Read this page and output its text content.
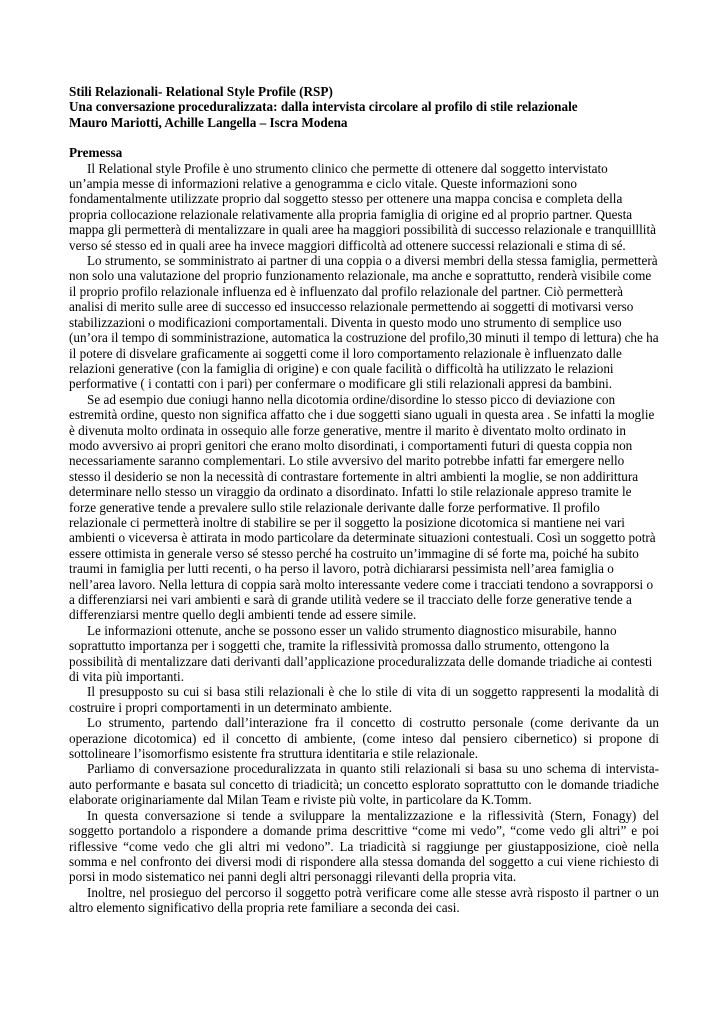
Stili Relazionali- Relational Style Profile (RSP)
Una conversazione proceduralizzata: dalla intervista circolare al profilo di stile relazionale
Mauro Mariotti, Achille Langella – Iscra Modena
Premessa

Il Relational style Profile è uno strumento clinico che permette di ottenere dal soggetto intervistato un’ampia messe di informazioni relative a genogramma e ciclo vitale. Queste informazioni sono fondamentalmente utilizzate proprio dal soggetto stesso per ottenere una mappa concisa e completa della propria collocazione relazionale relativamente alla propria famiglia di origine ed al proprio partner. Questa mappa gli permetterà di mentalizzare in quali aree ha maggiori possibilità di successo relazionale e tranquilllità verso sé stesso ed in quali aree ha invece maggiori difficoltà ad ottenere successi relazionali e stima di sé.

Lo strumento, se somministrato ai partner di una coppia o a diversi membri della stessa famiglia, permetterà non solo una valutazione del proprio funzionamento relazionale, ma anche e soprattutto, renderà visibile come il proprio profilo relazionale influenza ed è influenzato dal profilo relazionale del partner. Ciò permetterà analisi di merito sulle aree di successo ed insuccesso relazionale permettendo ai soggetti di motivarsi verso stabilizzazioni o modificazioni comportamentali. Diventa in questo modo uno strumento di semplice uso (un’ora il tempo di somministrazione, automatica la costruzione del profilo,30 minuti il tempo di lettura) che ha il potere di disvelare graficamente ai soggetti come il loro comportamento relazionale è influenzato dalle relazioni generative (con la famiglia di origine) e con quale facilità o difficoltà ha utilizzato le relazioni performative ( i contatti con i pari) per confermare o modificare gli stili relazionali appresi da bambini.

Se ad esempio due coniugi hanno nella dicotomia ordine/disordine lo stesso picco di deviazione con estremità ordine, questo non significa affatto che i due soggetti siano uguali in questa area . Se infatti la moglie è divenuta molto ordinata in ossequio alle forze generative, mentre il marito è diventato molto ordinato in modo avversivo ai propri genitori che erano molto disordinati, i comportamenti futuri di questa coppia non necessariamente saranno complementari. Lo stile avversivo del marito potrebbe infatti far emergere nello stesso il desiderio se non la necessità di contrastare fortemente in altri ambienti la moglie, se non addirittura determinare nello stesso un viraggio da ordinato a disordinato. Infatti lo stile relazionale appreso tramite le forze generative tende a prevalere sullo stile relazionale derivante dalle forze performative. Il profilo relazionale ci permetterà inoltre di stabilire se per il soggetto la posizione dicotomica si mantiene nei vari ambienti o viceversa è attirata in modo particolare da determinate situazioni contestuali. Così un soggetto potrà essere ottimista in generale verso sé stesso perché ha costruito un’immagine di sé forte ma, poiché ha subito traumi in famiglia per lutti recenti, o ha perso il lavoro, potrà dichiararsi pessimista nell’area famiglia o nell’area lavoro. Nella lettura di coppia sarà molto interessante vedere come i tracciati tendono a sovrapporsi o a differenziarsi nei vari ambienti e sarà di grande utilità vedere se il tracciato delle forze generative tende a differenziarsi mentre quello degli ambienti tende ad essere simile.

Le informazioni ottenute, anche se possono esser un valido strumento diagnostico misurabile, hanno soprattutto importanza per i soggetti che, tramite la riflessività promossa dallo strumento, ottengono la possibilità di mentalizzare dati derivanti dall’applicazione proceduralizzata delle domande triadiche ai contesti di vita più importanti.

Il presupposto su cui si basa stili relazionali è che lo stile di vita di un soggetto rappresenti la modalità di costruire i propri comportamenti in un determinato ambiente.

Lo strumento, partendo dall’interazione fra il concetto di costrutto personale (come derivante da un operazione dicotomica) ed il concetto di ambiente, (come inteso dal pensiero cibernetico) si propone di sottolineare l’isomorfismo esistente fra struttura identitaria e stile relazionale.

Parliamo di conversazione proceduralizzata in quanto stili relazionali si basa su uno schema di intervista-auto performante e basata sul concetto di triadicità; un concetto esplorato soprattutto con le domande triadiche elaborate originariamente dal Milan Team e riviste più volte, in particolare da K.Tomm.

In questa conversazione si tende a sviluppare la mentalizzazione e la riflessività (Stern, Fonagy) del soggetto portandolo a rispondere a domande prima descrittive “come mi vedo”, “come vedo gli altri” e poi riflessive “come vedo che gli altri mi vedono”. La triadicità si raggiunge per giustapposizione, cioè nella somma e nel confronto dei diversi modi di rispondere alla stessa domanda del soggetto a cui viene richiesto di porsi in modo sistematico nei panni degli altri personaggi rilevanti della propria vita.

Inoltre, nel prosieguo del percorso il soggetto potrà verificare come alle stesse avrà risposto il partner o un altro elemento significativo della propria rete familiare a seconda dei casi.
